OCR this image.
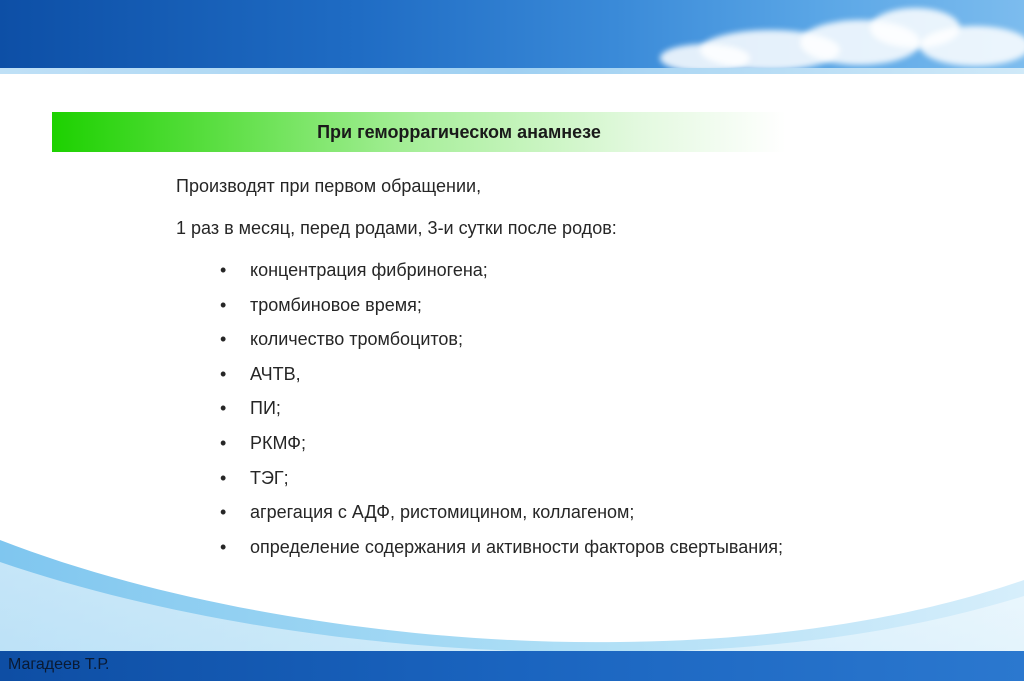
При геморрагическом анамнезе
Производят при первом обращении,
1 раз в месяц, перед родами, 3-и сутки после родов:
• концентрация фибриногена;
• тромбиновое время;
• количество тромбоцитов;
• АЧТВ,
• ПИ;
• РКМФ;
• ТЭГ;
• агрегация с АДФ, ристомицином, коллагеном;
• определение содержания и активности факторов свертывания;
Магадеев Т.Р.
